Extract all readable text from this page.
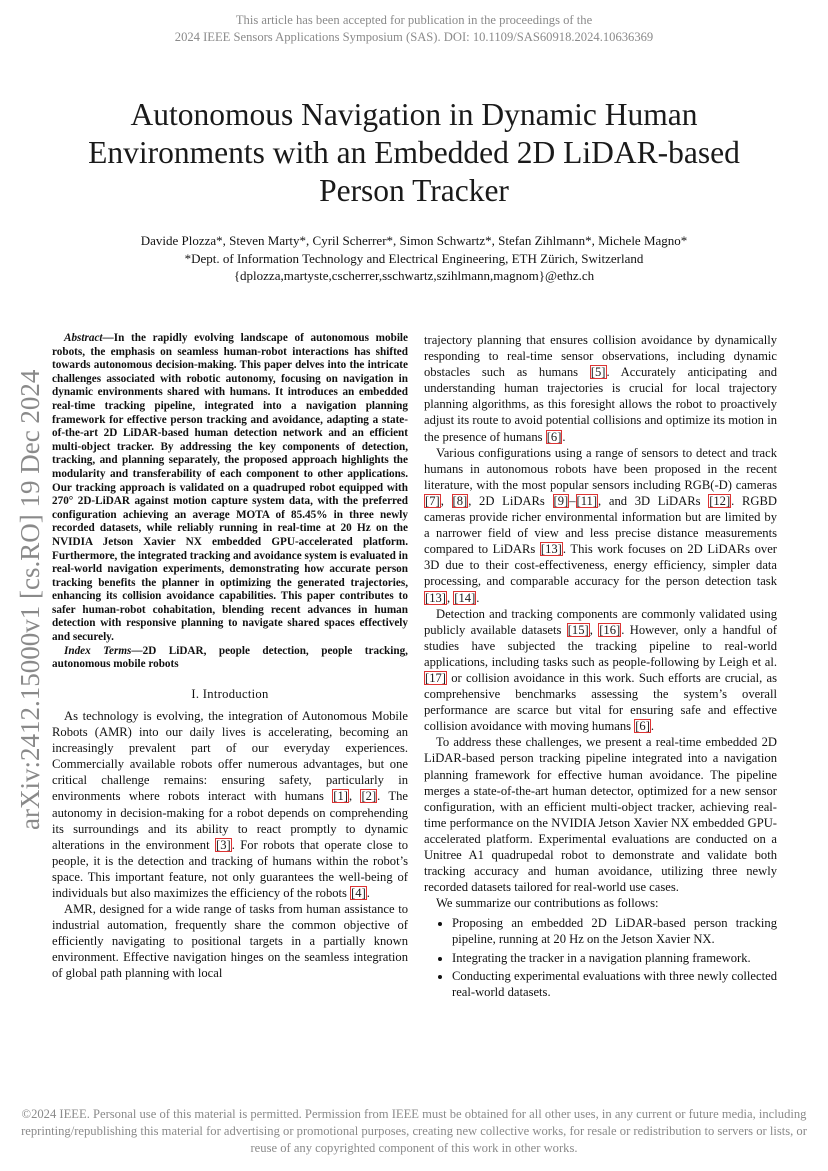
This article has been accepted for publication in the proceedings of the
2024 IEEE Sensors Applications Symposium (SAS). DOI: 10.1109/SAS60918.2024.10636369
Autonomous Navigation in Dynamic Human
Environments with an Embedded 2D LiDAR-based
Person Tracker
Davide Plozza*, Steven Marty*, Cyril Scherrer*, Simon Schwartz*, Stefan Zihlmann*, Michele Magno*
*Dept. of Information Technology and Electrical Engineering, ETH Zürich, Switzerland
{dplozza,martyste,cscherrer,sschwartz,szihlmann,magnom}@ethz.ch
arXiv:2412.15000v1 [cs.RO] 19 Dec 2024

Abstract—In the rapidly evolving landscape of autonomous mobile robots, the emphasis on seamless human-robot interactions has shifted towards autonomous decision-making. This paper delves into the intricate challenges associated with robotic autonomy, focusing on navigation in dynamic environments shared with humans. It introduces an embedded real-time tracking pipeline, integrated into a navigation planning framework for effective person tracking and avoidance, adapting a state-of-the-art 2D LiDAR-based human detection network and an efficient multi-object tracker. By addressing the key components of detection, tracking, and planning separately, the proposed approach highlights the modularity and transferability of each component to other applications. Our tracking approach is validated on a quadruped robot equipped with 270° 2D-LiDAR against motion capture system data, with the preferred configuration achieving an average MOTA of 85.45% in three newly recorded datasets, while reliably running in real-time at 20 Hz on the NVIDIA Jetson Xavier NX embedded GPU-accelerated platform. Furthermore, the integrated tracking and avoidance system is evaluated in real-world navigation experiments, demonstrating how accurate person tracking benefits the planner in optimizing the generated trajectories, enhancing its collision avoidance capabilities. This paper contributes to safer human-robot cohabitation, blending recent advances in human detection with responsive planning to navigate shared spaces effectively and securely.

Index Terms—2D LiDAR, people detection, people tracking, autonomous mobile robots

I. Introduction

As technology is evolving, the integration of Autonomous Mobile Robots (AMR) into our daily lives is accelerating, becoming an increasingly prevalent part of our everyday experiences. Commercially available robots offer numerous advantages, but one critical challenge remains: ensuring safety, particularly in environments where robots interact with humans [1], [2]. The autonomy in decision-making for a robot depends on comprehending its surroundings and its ability to react promptly to dynamic alterations in the environment [3]. For robots that operate close to people, it is the detection and tracking of humans within the robot’s space. This important feature, not only guarantees the well-being of individuals but also maximizes the efficiency of the robots [4].

AMR, designed for a wide range of tasks from human assistance to industrial automation, frequently share the common objective of efficiently navigating to positional targets in a partially known environment. Effective navigation hinges on the seamless integration of global path planning with local

trajectory planning that ensures collision avoidance by dynamically responding to real-time sensor observations, including dynamic obstacles such as humans [5]. Accurately anticipating and understanding human trajectories is crucial for local trajectory planning algorithms, as this foresight allows the robot to proactively adjust its route to avoid potential collisions and optimize its motion in the presence of humans [6].

Various configurations using a range of sensors to detect and track humans in autonomous robots have been proposed in the recent literature, with the most popular sensors including RGB(-D) cameras [7], [8], 2D LiDARs [9]–[11], and 3D LiDARs [12]. RGBD cameras provide richer environmental information but are limited by a narrower field of view and less precise distance measurements compared to LiDARs [13]. This work focuses on 2D LiDARs over 3D due to their cost-effectiveness, energy efficiency, simpler data processing, and comparable accuracy for the person detection task [13], [14].

Detection and tracking components are commonly validated using publicly available datasets [15], [16]. However, only a handful of studies have subjected the tracking pipeline to real-world applications, including tasks such as people-following by Leigh et al. [17] or collision avoidance in this work. Such efforts are crucial, as comprehensive benchmarks assessing the system’s overall performance are scarce but vital for ensuring safe and effective collision avoidance with moving humans [6].

To address these challenges, we present a real-time embedded 2D LiDAR-based person tracking pipeline integrated into a navigation planning framework for effective human avoidance. The pipeline merges a state-of-the-art human detector, optimized for a new sensor configuration, with an efficient multi-object tracker, achieving real-time performance on the NVIDIA Jetson Xavier NX embedded GPU-accelerated platform. Experimental evaluations are conducted on a Unitree A1 quadrupedal robot to demonstrate and validate both tracking accuracy and human avoidance, utilizing three newly recorded datasets tailored for real-world use cases.

We summarize our contributions as follows:

• Proposing an embedded 2D LiDAR-based person tracking pipeline, running at 20 Hz on the Jetson Xavier NX.
• Integrating the tracker in a navigation planning framework.
• Conducting experimental evaluations with three newly collected real-world datasets.
©2024 IEEE. Personal use of this material is permitted. Permission from IEEE must be obtained for all other uses, in any current or future media, including reprinting/republishing this material for advertising or promotional purposes, creating new collective works, for resale or redistribution to servers or lists, or reuse of any copyrighted component of this work in other works.
